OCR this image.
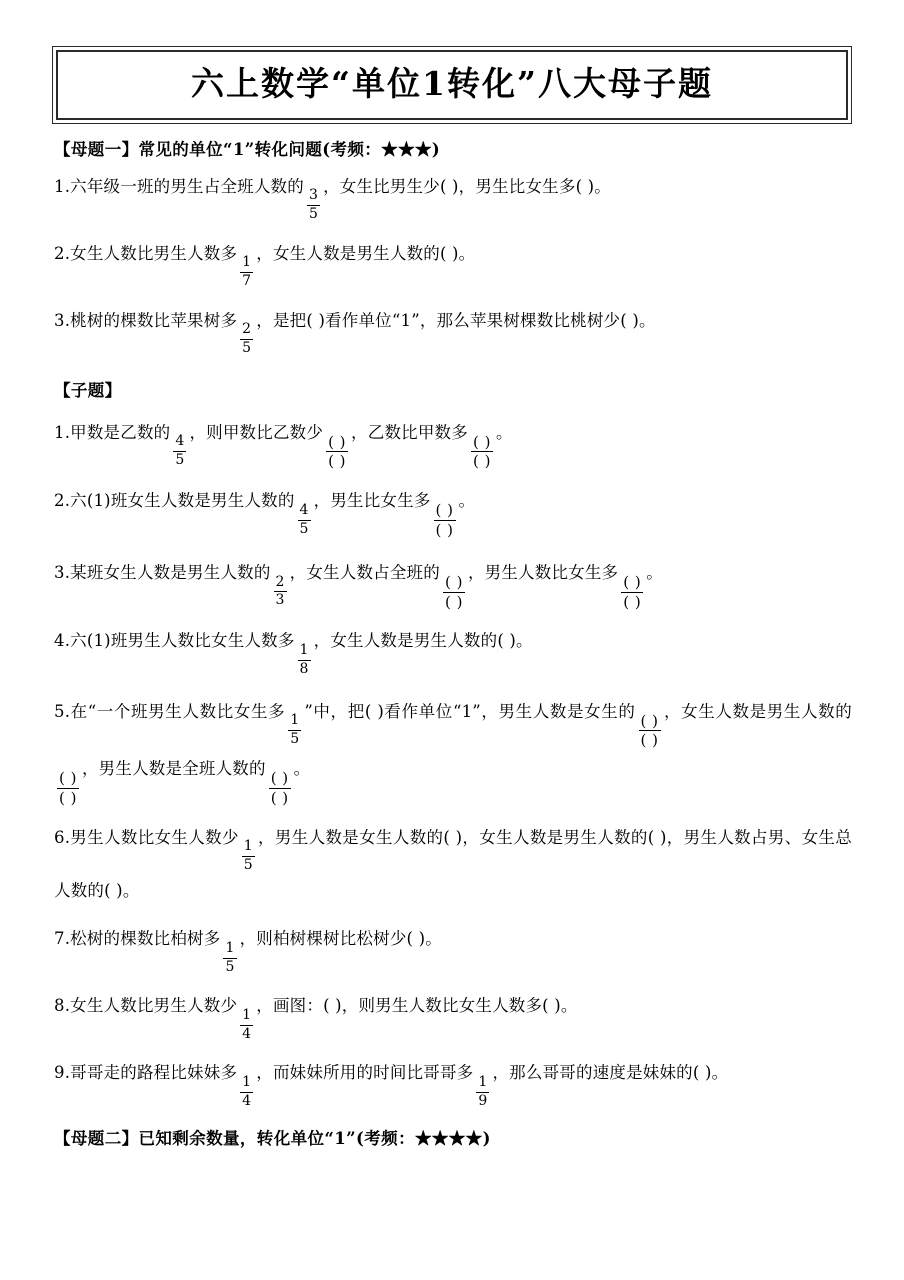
六上数学“单位1转化”八大母子题
【母题一】常见的单位“1”转化问题(考频：★★★)

1.六年级一班的男生占全班人数的
$\frac{3}{5}$
，女生比男生少( )，男生比女生多( )。

2.女生人数比男生人数多
$\frac{1}{7}$
，女生人数是男生人数的( )。

3.桃树的棵数比苹果树多
$\frac{2}{5}$
，是把( )看作单位“1”，那么苹果树棵数比桃树少( )。

【子题】

1.甲数是乙数的
$\frac{4}{5}$
，则甲数比乙数少
$\frac{( )}{( )}$
，乙数比甲数多
$\frac{( )}{( )}$
。

2.六(1)班女生人数是男生人数的
$\frac{4}{5}$
，男生比女生多
$\frac{( )}{( )}$
。

3.某班女生人数是男生人数的
$\frac{2}{3}$
，女生人数占全班的
$\frac{( )}{( )}$
，男生人数比女生多
$\frac{( )}{( )}$
。

4.六(1)班男生人数比女生人数多
$\frac{1}{8}$
，女生人数是男生人数的( )。

5.在“一个班男生人数比女生多
$\frac{1}{5}$
”中，把( )看作单位“1”，男生人数是女生的
$\frac{( )}{( )}$
，女生人数是男生人数的
$\frac{( )}{( )}$
，男生人数是全班人数的
$\frac{( )}{( )}$
。

6.男生人数比女生人数少
$\frac{1}{5}$
，男生人数是女生人数的( )，女生人数是男生人数的( )，男生人数占男、女生总人数的( )。

7.松树的棵数比柏树多
$\frac{1}{5}$
，则柏树棵树比松树少( )。

8.女生人数比男生人数少
$\frac{1}{4}$
，画图：( )，则男生人数比女生人数多( )。

9.哥哥走的路程比妹妹多
$\frac{1}{4}$
，而妹妹所用的时间比哥哥多
$\frac{1}{9}$
，那么哥哥的速度是妹妹的( )。

【母题二】已知剩余数量，转化单位“1”(考频：★★★★)
